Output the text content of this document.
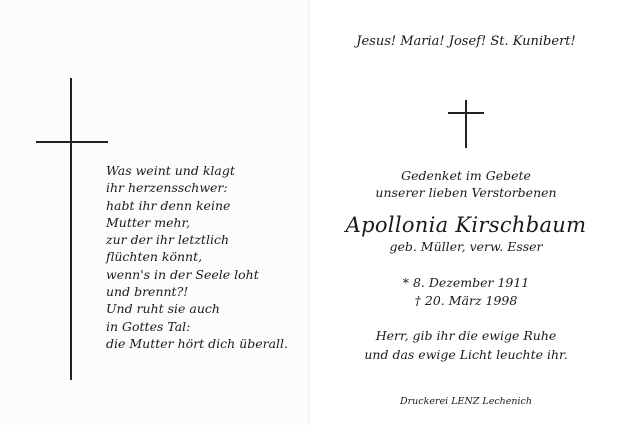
Was weint und klagt
ihr herzensschwer:
habt ihr denn keine
Mutter mehr,
zur der ihr letztlich
flüchten könnt,
wenn's in der Seele loht
und brennt?!
Und ruht sie auch
in Gottes Tal:
die Mutter hört dich überall.
Jesus! Maria! Josef! St. Kunibert!
Gedenket im Gebete
unserer lieben Verstorbenen
Apollonia Kirschbaum
geb. Müller, verw. Esser
* 8. Dezember 1911
† 20. März 1998
Herr, gib ihr die ewige Ruhe
und das ewige Licht leuchte ihr.
Druckerei LENZ Lechenich
